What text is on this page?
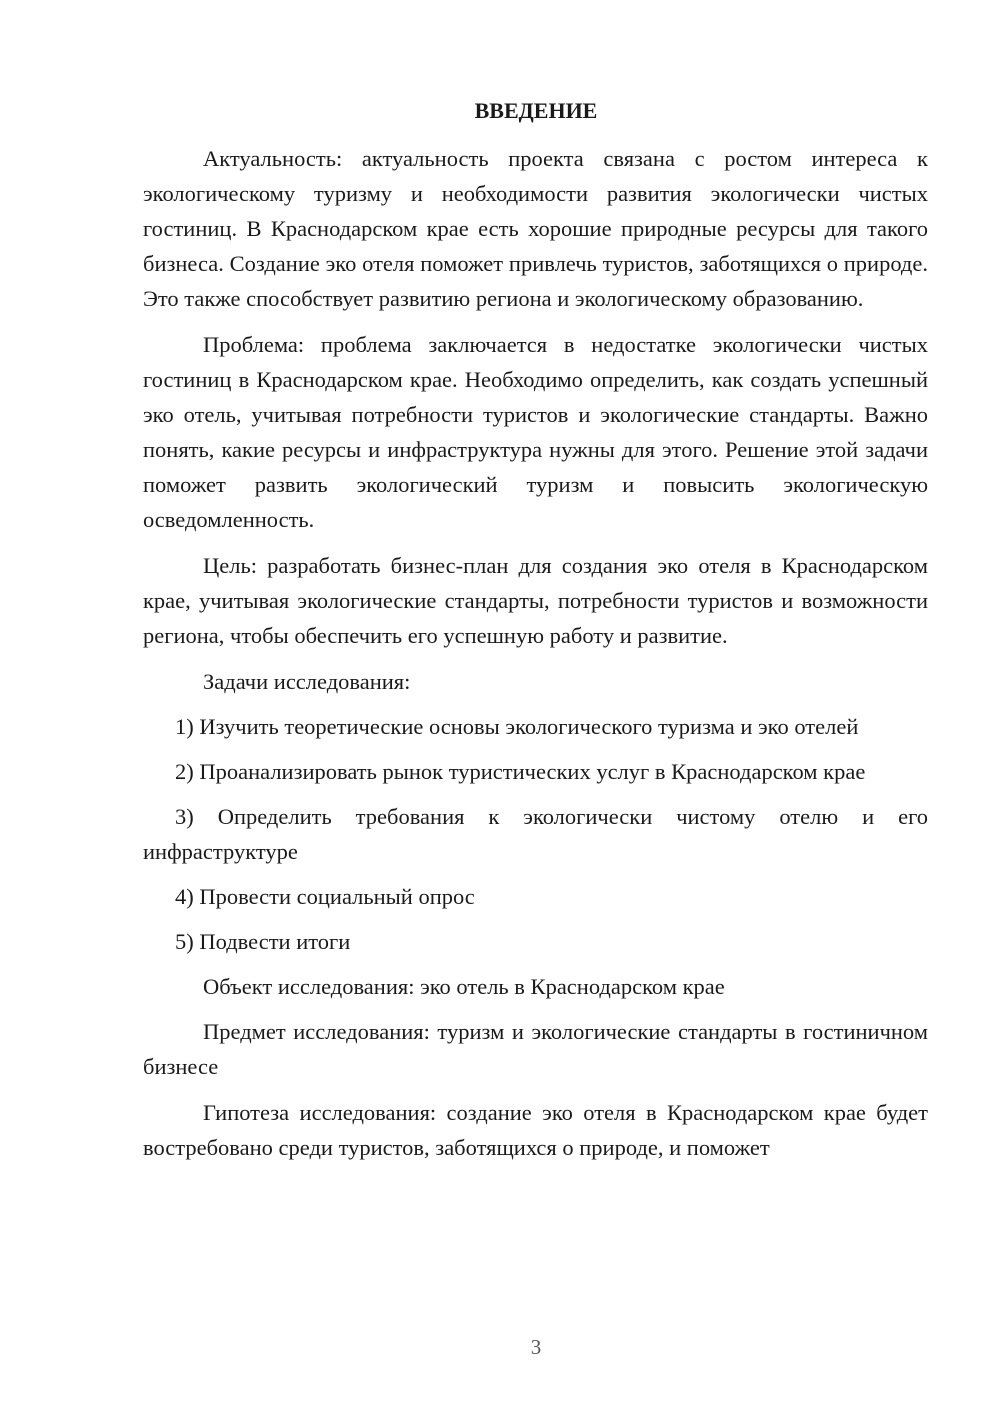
ВВЕДЕНИЕ

Актуальность: актуальность проекта связана с ростом интереса к экологическому туризму и необходимости развития экологически чистых гостиниц. В Краснодарском крае есть хорошие природные ресурсы для такого бизнеса. Создание эко отеля поможет привлечь туристов, заботящихся о природе. Это также способствует развитию региона и экологическому образованию.

Проблема: проблема заключается в недостатке экологически чистых гостиниц в Краснодарском крае. Необходимо определить, как создать успешный эко отель, учитывая потребности туристов и экологические стандарты. Важно понять, какие ресурсы и инфраструктура нужны для этого. Решение этой задачи поможет развить экологический туризм и повысить экологическую осведомленность.

Цель: разработать бизнес-план для создания эко отеля в Краснодарском крае, учитывая экологические стандарты, потребности туристов и возможности региона, чтобы обеспечить его успешную работу и развитие.

Задачи исследования:

1) Изучить теоретические основы экологического туризма и эко отелей

2) Проанализировать рынок туристических услуг в Краснодарском крае

3) Определить требования к экологически чистому отелю и его инфраструктуре

4) Провести социальный опрос

5) Подвести итоги

Объект исследования: эко отель в Краснодарском крае

Предмет исследования: туризм и экологические стандарты в гостиничном бизнесе

Гипотеза исследования: создание эко отеля в Краснодарском крае будет востребовано среди туристов, заботящихся о природе, и поможет

3
